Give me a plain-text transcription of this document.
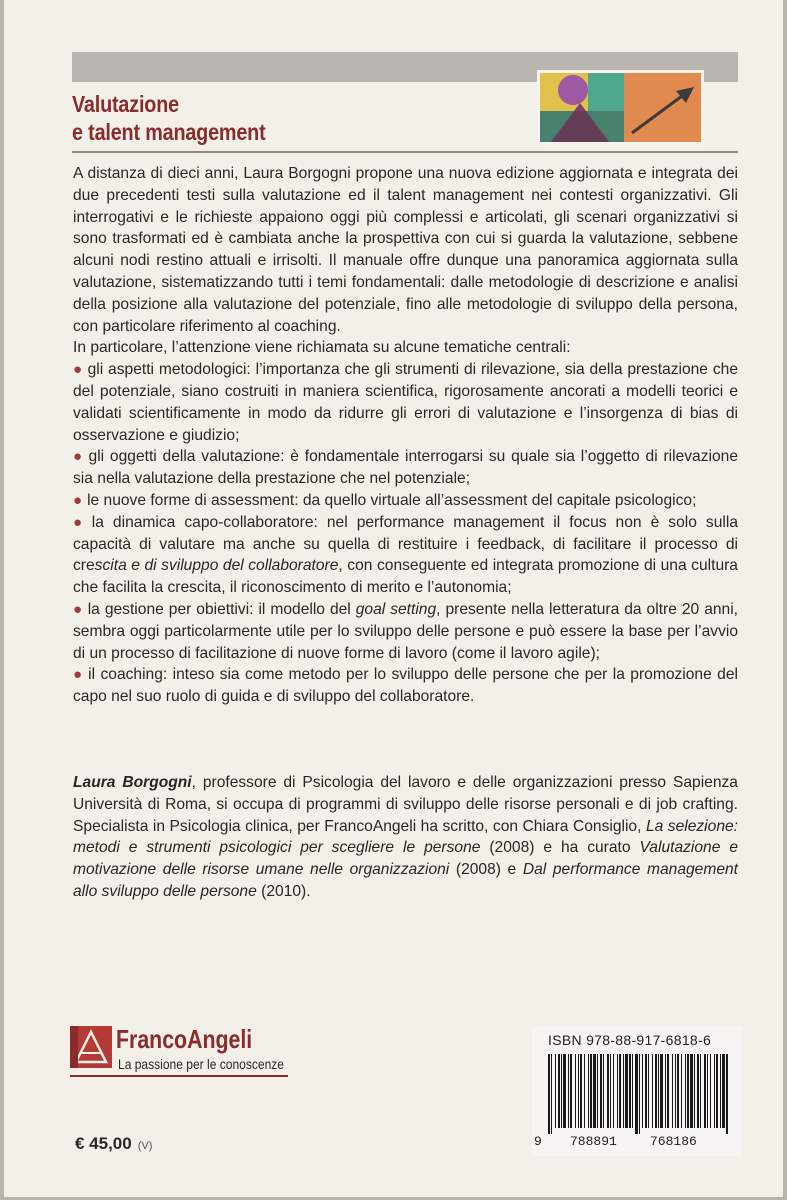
Valutazione
e talent management

A distanza di dieci anni, Laura Borgogni propone una nuova edizione aggiornata e integrata dei due precedenti testi sulla valutazione ed il talent management nei contesti organizzativi. Gli interrogativi e le richieste appaiono oggi più complessi e articolati, gli scenari organizzativi si sono trasformati ed è cambiata anche la prospettiva con cui si guarda la valutazione, sebbene alcuni nodi restino attuali e irrisolti. Il manuale offre dunque una panoramica aggiornata sulla valutazione, sistematizzando tutti i temi fondamentali: dalle metodologie di descrizione e analisi della posizione alla valutazione del potenziale, fino alle metodologie di sviluppo della persona, con particolare riferimento al coaching.

In particolare, l’attenzione viene richiamata su alcune tematiche centrali:

● gli aspetti metodologici: l’importanza che gli strumenti di rilevazione, sia della prestazione che del potenziale, siano costruiti in maniera scientifica, rigorosamente ancorati a modelli teorici e validati scientificamente in modo da ridurre gli errori di valutazione e l’insorgenza di bias di osservazione e giudizio;
● gli oggetti della valutazione: è fondamentale interrogarsi su quale sia l’oggetto di rilevazione sia nella valutazione della prestazione che nel potenziale;
● le nuove forme di assessment: da quello virtuale all’assessment del capitale psicologico;
● la dinamica capo-collaboratore: nel performance management il focus non è solo sulla capacità di valutare ma anche su quella di restituire i feedback, di facilitare il processo di crescita e di sviluppo del collaboratore, con conseguente ed integrata promozione di una cultura che facilita la crescita, il riconoscimento di merito e l’autonomia;
● la gestione per obiettivi: il modello del goal setting, presente nella letteratura da oltre 20 anni, sembra oggi particolarmente utile per lo sviluppo delle persone e può essere la base per l’avvio di un processo di facilitazione di nuove forme di lavoro (come il lavoro agile);
● il coaching: inteso sia come metodo per lo sviluppo delle persone che per la promozione del capo nel suo ruolo di guida e di sviluppo del collaboratore.
Laura Borgogni, professore di Psicologia del lavoro e delle organizzazioni presso Sapienza Università di Roma, si occupa di programmi di sviluppo delle risorse personali e di job crafting. Specialista in Psicologia clinica, per FrancoAngeli ha scritto, con Chiara Consiglio, La selezione: metodi e strumenti psicologici per scegliere le persone (2008) e ha curato Valutazione e motivazione delle risorse umane nelle organizzazioni (2008) e Dal performance management allo sviluppo delle persone (2010).
FrancoAngeli
La passione per le conoscenze
€ 45,00 (V)
ISBN 978-88-917-6818-6
9 788891	768186
